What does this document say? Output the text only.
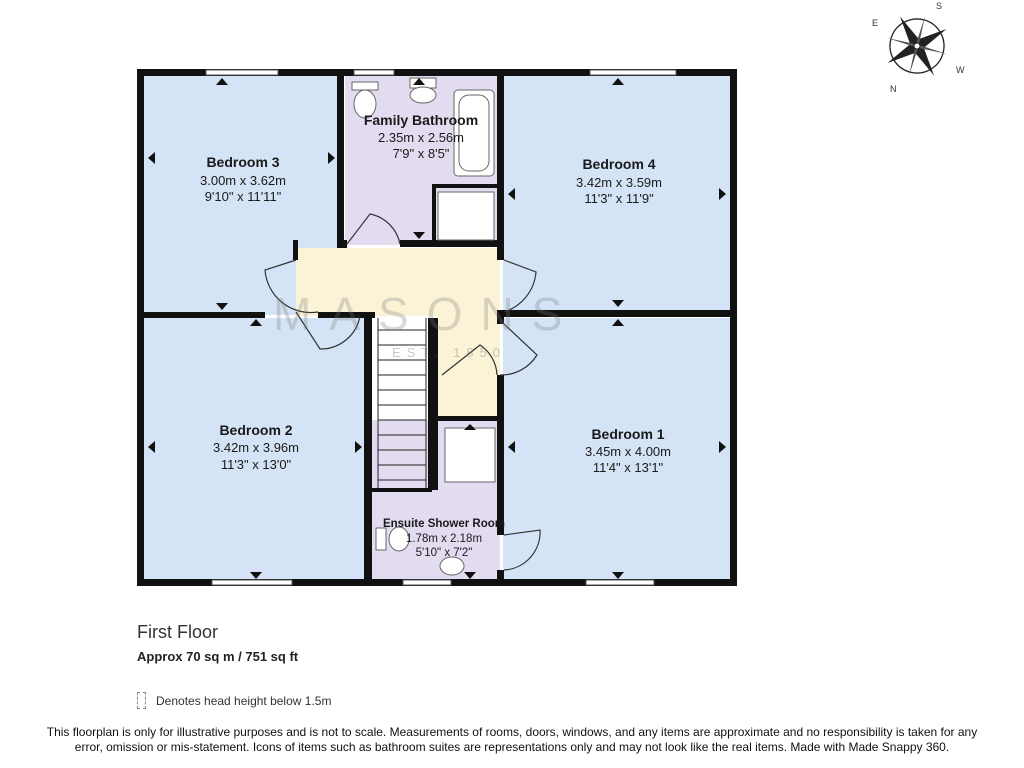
MASONS
EST. 1850
Bedroom 3
3.00m x 3.62m
9'10" x 11'11"
Family Bathroom
2.35m x 2.56m
7'9" x 8'5"
Bedroom 4
3.42m x 3.59m
11'3" x 11'9"
Bedroom 2
3.42m x 3.96m
11'3" x 13'0"
Bedroom 1
3.45m x 4.00m
11'4" x 13'1"
Ensuite Shower Room
1.78m x 2.18m
5'10" x 7'2"
S
W
N
E
First Floor
Approx 70 sq m / 751 sq ft
Denotes head height below 1.5m
This floorplan is only for illustrative purposes and is not to scale. Measurements of rooms, doors, windows, and any items are approximate and no responsibility is taken for any error, omission or mis-statement. Icons of items such as bathroom suites are representations only and may not look like the real items. Made with Made Snappy 360.
